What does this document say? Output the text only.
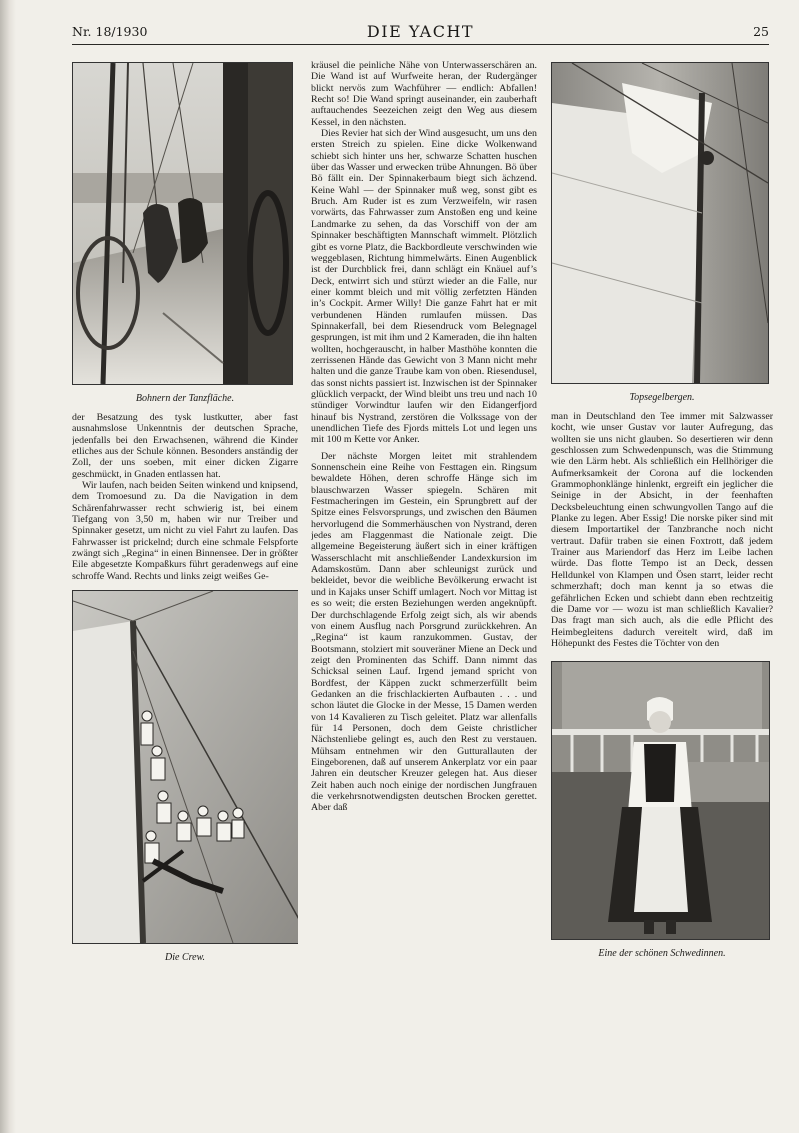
Nr. 18/1930	DIE YACHT	25
Bohnern der Tanzfläche.

der Besatzung des tysk lustkutter, aber fast ausnahmslose Unkenntnis der deutschen Sprache, jedenfalls bei den Erwachsenen, während die Kinder etliches aus der Schule können. Besonders anständig der Zoll, der uns soeben, mit einer dicken Zigarre geschmückt, in Gnaden entlassen hat.

Wir laufen, nach beiden Seiten winkend und knipsend, dem Tromoesund zu. Da die Navigation in dem Schärenfahrwasser recht schwierig ist, bei einem Tiefgang von 3,50 m, haben wir nur Treiber und Spinnaker gesetzt, um nicht zu viel Fahrt zu laufen. Das Fahrwasser ist prickelnd; durch eine schmale Felspforte zwängt sich „Regina“ in einen Binnensee. Der in größter Eile abgesetzte Kompaßkurs führt geradenwegs auf eine schroffe Wand. Rechts und links zeigt weißes Ge-

Die Crew.

kräusel die peinliche Nähe von Unterwasserschären an. Die Wand ist auf Wurfweite heran, der Rudergänger blickt nervös zum Wachführer — endlich: Abfallen! Recht so! Die Wand springt auseinander, ein zauberhaft auftauchendes Seezeichen zeigt den Weg aus diesem Kessel, in den nächsten.

Dies Revier hat sich der Wind ausgesucht, um uns den ersten Streich zu spielen. Eine dicke Wolkenwand schiebt sich hinter uns her, schwarze Schatten huschen über das Wasser und erwecken trübe Ahnungen. Bö über Bö fällt ein. Der Spinnakerbaum biegt sich ächzend. Keine Wahl — der Spinnaker muß weg, sonst gibt es Bruch. Am Ruder ist es zum Verzweifeln, wir rasen vorwärts, das Fahrwasser zum Anstoßen eng und keine Landmarke zu sehen, da das Vorschiff von der am Spinnaker beschäftigten Mannschaft wimmelt. Plötzlich gibt es vorne Platz, die Backbordleute verschwinden wie weggeblasen, Richtung himmelwärts. Einen Augenblick ist der Durchblick frei, dann schlägt ein Knäuel auf’s Deck, entwirrt sich und stürzt wieder an die Falle, nur einer kommt bleich und mit völlig zerfetzten Händen in’s Cockpit. Armer Willy! Die ganze Fahrt hat er mit verbundenen Händen rumlaufen müssen. Das Spinnakerfall, bei dem Riesendruck vom Belegnagel gesprungen, ist mit ihm und 2 Kameraden, die ihn halten wollten, hochgerauscht, in halber Masthöhe konnten die zerrissenen Hände das Gewicht von 3 Mann nicht mehr halten und die ganze Traube kam von oben. Riesendusel, das sonst nichts passiert ist. Inzwischen ist der Spinnaker glücklich verpackt, der Wind bleibt uns treu und nach 10 stündiger Vorwindtur laufen wir den Eidangerfjord hinauf bis Nystrand, zerstören die Volkssage von der unendlichen Tiefe des Fjords mittels Lot und legen uns mit 100 m Kette vor Anker.

Der nächste Morgen leitet mit strahlendem Sonnenschein eine Reihe von Festtagen ein. Ringsum bewaldete Höhen, deren schroffe Hänge sich im blauschwarzen Wasser spiegeln. Schären mit Festmacheringen im Gestein, ein Sprungbrett auf der Spitze eines Felsvorsprungs, und zwischen den Bäumen hervorlugend die Sommerhäuschen von Nystrand, deren jedes am Flaggenmast die Nationale zeigt. Die allgemeine Begeisterung äußert sich in einer kräftigen Wasserschlacht mit anschließender Landexkursion im Adamskostüm. Dann aber schleunigst zurück und bekleidet, bevor die weibliche Bevölkerung erwacht ist und in Kajaks unser Schiff umlagert. Noch vor Mittag ist es so weit; die ersten Beziehungen werden angeknüpft. Der durchschlagende Erfolg zeigt sich, als wir abends von einem Ausflug nach Porsgrund zurückkehren. An „Regina“ ist kaum ranzukommen. Gustav, der Bootsmann, stolziert mit souveräner Miene an Deck und zeigt den Prominenten das Schiff. Dann nimmt das Schicksal seinen Lauf. Irgend jemand spricht von Bordfest, der Käppen zuckt schmerzerfüllt beim Gedanken an die frischlackierten Aufbauten . . . und schon läutet die Glocke in der Messe, 15 Damen werden von 14 Kavalieren zu Tisch geleitet. Platz war allenfalls für 14 Personen, doch dem Geiste christlicher Nächstenliebe gelingt es, auch den Rest zu verstauen. Mühsam entnehmen wir den Gutturallauten der Eingeborenen, daß auf unserem Ankerplatz vor ein paar Jahren ein deutscher Kreuzer gelegen hat. Aus dieser Zeit haben auch noch einige der nordischen Jungfrauen die verkehrsnotwendigsten deutschen Brocken gerettet. Aber daß

Topsegelbergen.

man in Deutschland den Tee immer mit Salzwasser kocht, wie unser Gustav vor lauter Aufregung, das wollten sie uns nicht glauben. So desertieren wir denn geschlossen zum Schwedenpunsch, was die Stimmung wie den Lärm hebt. Als schließlich ein Hellhöriger die Aufmerksamkeit der Corona auf die lockenden Grammophonklänge hinlenkt, ergreift ein jeglicher die Seinige in der Absicht, in der feenhaften Decksbeleuchtung einen schwungvollen Tango auf die Planke zu legen. Aber Essig! Die norske piker sind mit diesem Importartikel der Tanzbranche noch nicht vertraut. Dafür traben sie einen Foxtrott, daß jedem Trainer aus Mariendorf das Herz im Leibe lachen würde. Das flotte Tempo ist an Deck, dessen Helldunkel von Klampen und Ösen starrt, leider recht schmerzhaft; doch man kennt ja so etwas die gefährlichen Ecken und schiebt dann eben rechtzeitig die Dame vor — wozu ist man schließlich Kavalier? Das fragt man sich auch, als die edle Pflicht des Heimbegleitens dadurch vereitelt wird, daß im Höhepunkt des Festes die Töchter von den

Eine der schönen Schwedinnen.
